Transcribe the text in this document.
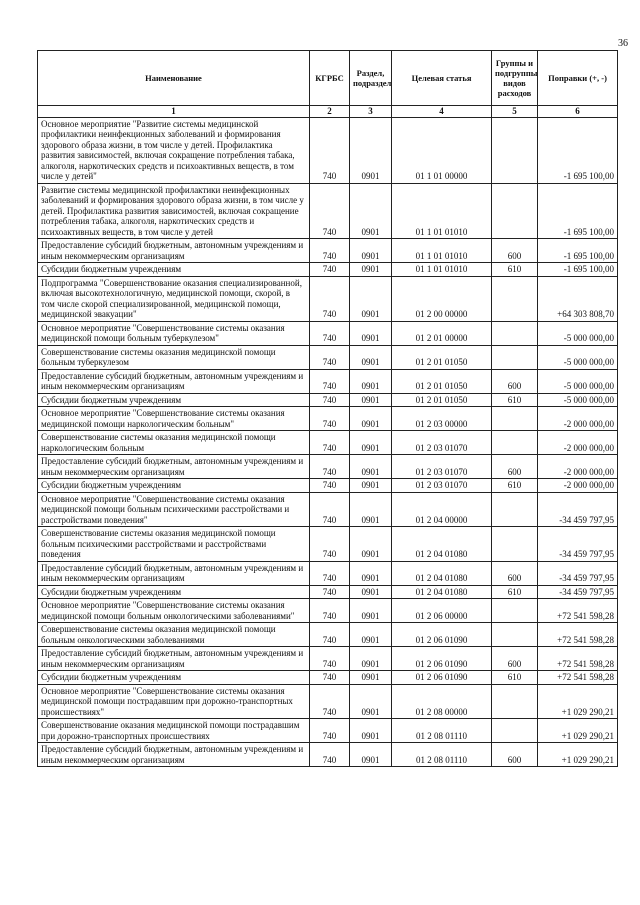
36
Наименование	КГРБС	Раздел, подраздел	Целевая статья	Группы и подгруппы видов расходов	Поправки (+, -)
1	2	3	4	5	6
Основное мероприятие "Развитие системы медицинской профилактики неинфекционных заболеваний и формирования здорового образа жизни, в том числе у детей. Профилактика развития зависимостей, включая сокращение потребления табака, алкоголя, наркотических средств и психоактивных веществ, в том числе у детей"	740	0901	01 1 01 00000		-1 695 100,00
Развитие системы медицинской профилактики неинфекционных заболеваний и формирования здорового образа жизни, в том числе у детей. Профилактика развития зависимостей, включая сокращение потребления табака, алкоголя, наркотических средств и психоактивных веществ, в том числе у детей	740	0901	01 1 01 01010		-1 695 100,00
Предоставление субсидий бюджетным, автономным учреждениям и иным некоммерческим организациям	740	0901	01 1 01 01010	600	-1 695 100,00
Субсидии бюджетным учреждениям	740	0901	01 1 01 01010	610	-1 695 100,00
Подпрограмма "Совершенствование оказания специализированной, включая высокотехнологичную, медицинской помощи, скорой, в том числе скорой специализированной, медицинской помощи, медицинской эвакуации"	740	0901	01 2 00 00000		+64 303 808,70
Основное мероприятие "Совершенствование системы оказания медицинской помощи больным туберкулезом"	740	0901	01 2 01 00000		-5 000 000,00
Совершенствование системы оказания медицинской помощи больным туберкулезом	740	0901	01 2 01 01050		-5 000 000,00
Предоставление субсидий бюджетным, автономным учреждениям и иным некоммерческим организациям	740	0901	01 2 01 01050	600	-5 000 000,00
Субсидии бюджетным учреждениям	740	0901	01 2 01 01050	610	-5 000 000,00
Основное мероприятие "Совершенствование системы оказания медицинской помощи наркологическим больным"	740	0901	01 2 03 00000		-2 000 000,00
Совершенствование системы оказания медицинской помощи наркологическим больным	740	0901	01 2 03 01070		-2 000 000,00
Предоставление субсидий бюджетным, автономным учреждениям и иным некоммерческим организациям	740	0901	01 2 03 01070	600	-2 000 000,00
Субсидии бюджетным учреждениям	740	0901	01 2 03 01070	610	-2 000 000,00
Основное мероприятие "Совершенствование системы оказания медицинской помощи больным психическими расстройствами и расстройствами поведения"	740	0901	01 2 04 00000		-34 459 797,95
Совершенствование системы оказания медицинской помощи больным психическими расстройствами и расстройствами поведения	740	0901	01 2 04 01080		-34 459 797,95
Предоставление субсидий бюджетным, автономным учреждениям и иным некоммерческим организациям	740	0901	01 2 04 01080	600	-34 459 797,95
Субсидии бюджетным учреждениям	740	0901	01 2 04 01080	610	-34 459 797,95
Основное мероприятие "Совершенствование системы оказания медицинской помощи больным онкологическими заболеваниями"	740	0901	01 2 06 00000		+72 541 598,28
Совершенствование системы оказания медицинской помощи больным онкологическими заболеваниями	740	0901	01 2 06 01090		+72 541 598,28
Предоставление субсидий бюджетным, автономным учреждениям и иным некоммерческим организациям	740	0901	01 2 06 01090	600	+72 541 598,28
Субсидии бюджетным учреждениям	740	0901	01 2 06 01090	610	+72 541 598,28
Основное мероприятие "Совершенствование системы оказания медицинской помощи пострадавшим при дорожно-транспортных происшествиях"	740	0901	01 2 08 00000		+1 029 290,21
Совершенствование оказания медицинской помощи пострадавшим при дорожно-транспортных происшествиях	740	0901	01 2 08 01110		+1 029 290,21
Предоставление субсидий бюджетным, автономным учреждениям и иным некоммерческим организациям	740	0901	01 2 08 01110	600	+1 029 290,21
